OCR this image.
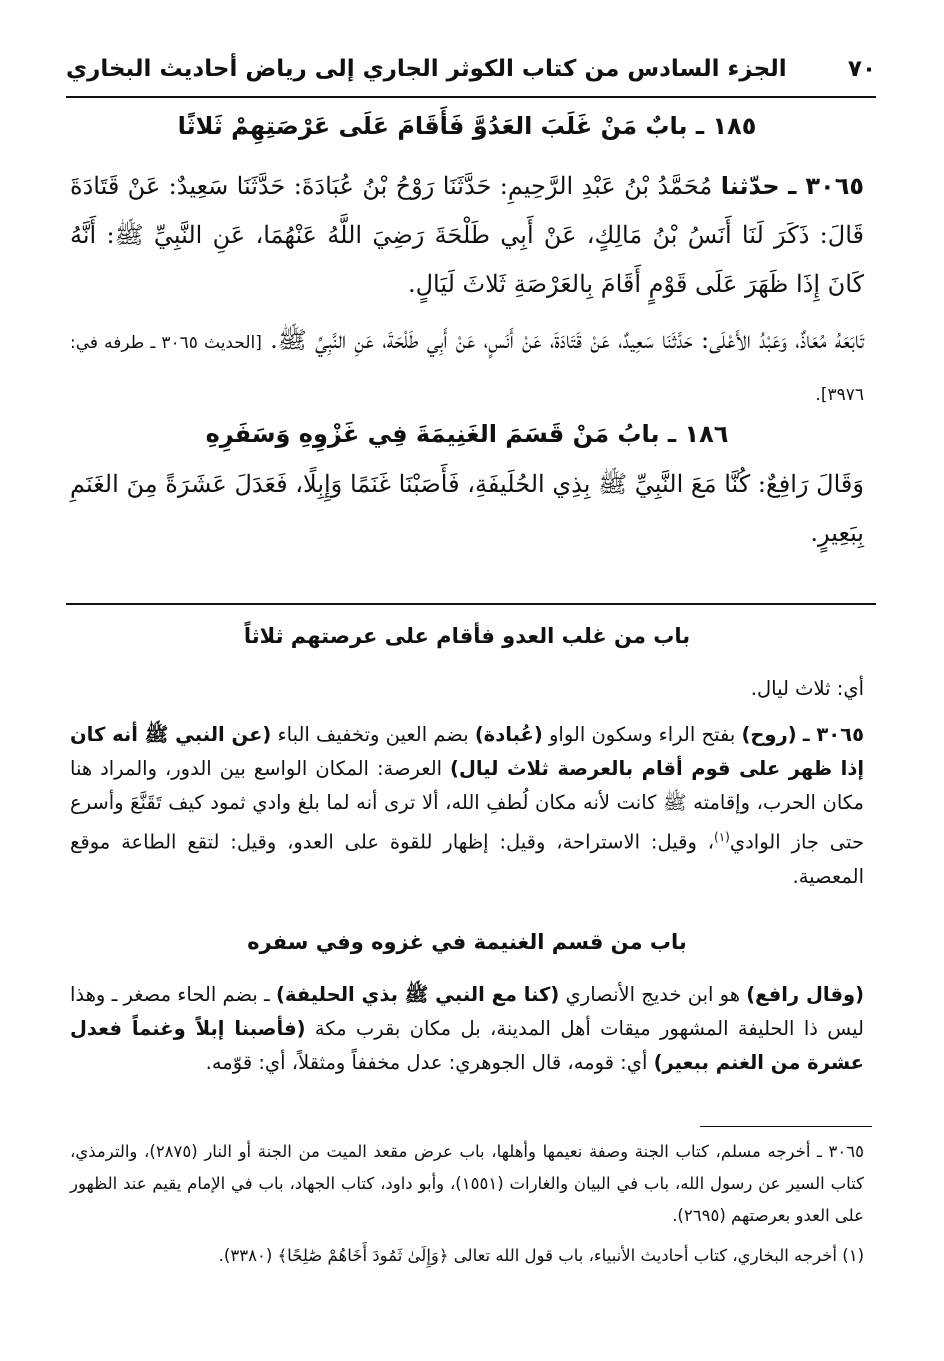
الجزء السادس من كتاب الكوثر الجاري إلى رياض أحاديث البخاري	٧٠
١٨٥ ـ بابٌ مَنْ غَلَبَ العَدُوَّ فَأَقَامَ عَلَى عَرْصَتِهِمْ ثَلاثًا
٣٠٦٥ ـ حدّثنا مُحَمَّدُ بْنُ عَبْدِ الرَّحِيمِ: حَدَّثَنَا رَوْحُ بْنُ عُبَادَةَ: حَدَّثَنَا سَعِيدٌ: عَنْ قَتَادَةَ قَالَ: ذَكَرَ لَنَا أَنَسُ بْنُ مَالِكٍ، عَنْ أَبِي طَلْحَةَ رَضِيَ اللَّهُ عَنْهُمَا، عَنِ النَّبِيِّ ﷺ: أَنَّهُ كَانَ إِذَا ظَهَرَ عَلَى قَوْمٍ أَقَامَ بِالعَرْصَةِ ثَلاثَ لَيَالٍ.
تَابَعَهُ مُعَاذٌ، وَعَبْدُ الأَعْلَى: حَدَّثَنَا سَعِيدٌ، عَنْ قَتَادَةَ، عَنْ أَنَسٍ، عَنْ أَبِي طَلْحَةَ، عَنِ النَّبِيِّ ﷺ. [الحديث ٣٠٦٥ ـ طرفه في: ٣٩٧٦].
١٨٦ ـ بابُ مَنْ قَسَمَ الغَنِيمَةَ فِي غَزْوِهِ وَسَفَرِهِ
وَقَالَ رَافِعٌ: كُنَّا مَعَ النَّبِيِّ ﷺ بِذِي الحُلَيفَةِ، فَأَصَبْنَا غَنَمًا وَإِبِلًا، فَعَدَلَ عَشَرَةً مِنَ الغَنَمِ بِبَعِيرٍ.
باب من غلب العدو فأقام على عرصتهم ثلاثاً
أي: ثلاث ليال.
٣٠٦٥ ـ (روح) بفتح الراء وسكون الواو (عُبادة) بضم العين وتخفيف الباء (عن النبي ﷺ أنه كان إذا ظهر على قوم أقام بالعرصة ثلاث ليال) العرصة: المكان الواسع بين الدور، والمراد هنا مكان الحرب، وإقامته ﷺ كانت لأنه مكان لُطفِ الله، ألا ترى أنه لما بلغ وادي ثمود كيف تَقَنَّعَ وأسرع حتى جاز الوادي$^{(١)}$، وقيل: الاستراحة، وقيل: إظهار للقوة على العدو، وقيل: لتقع الطاعة موقع المعصية.
باب من قسم الغنيمة في غزوه وفي سفره
(وقال رافع) هو ابن خديج الأنصاري (كنا مع النبي ﷺ بذي الحليفة) ـ بضم الحاء مصغر ـ وهذا ليس ذا الحليفة المشهور ميقات أهل المدينة، بل مكان بقرب مكة (فأصبنا إبلاً وغنماً فعدل عشرة من الغنم ببعير) أي: قومه، قال الجوهري: عدل مخففاً ومثقلاً، أي: قوّمه.
٣٠٦٥ ـ أخرجه مسلم، كتاب الجنة وصفة نعيمها وأهلها، باب عرض مقعد الميت من الجنة أو النار (٢٨٧٥)، والترمذي، كتاب السير عن رسول الله، باب في البيان والغارات (١٥٥١)، وأبو داود، كتاب الجهاد، باب في الإمام يقيم عند الظهور على العدو بعرصتهم (٢٦٩٥).
(١) أخرجه البخاري، كتاب أحاديث الأنبياء، باب قول الله تعالى ﴿وَإِلَىٰ ثَمُودَ أَخَاهُمْ صَٰلِحًا﴾ (٣٣٨٠).
